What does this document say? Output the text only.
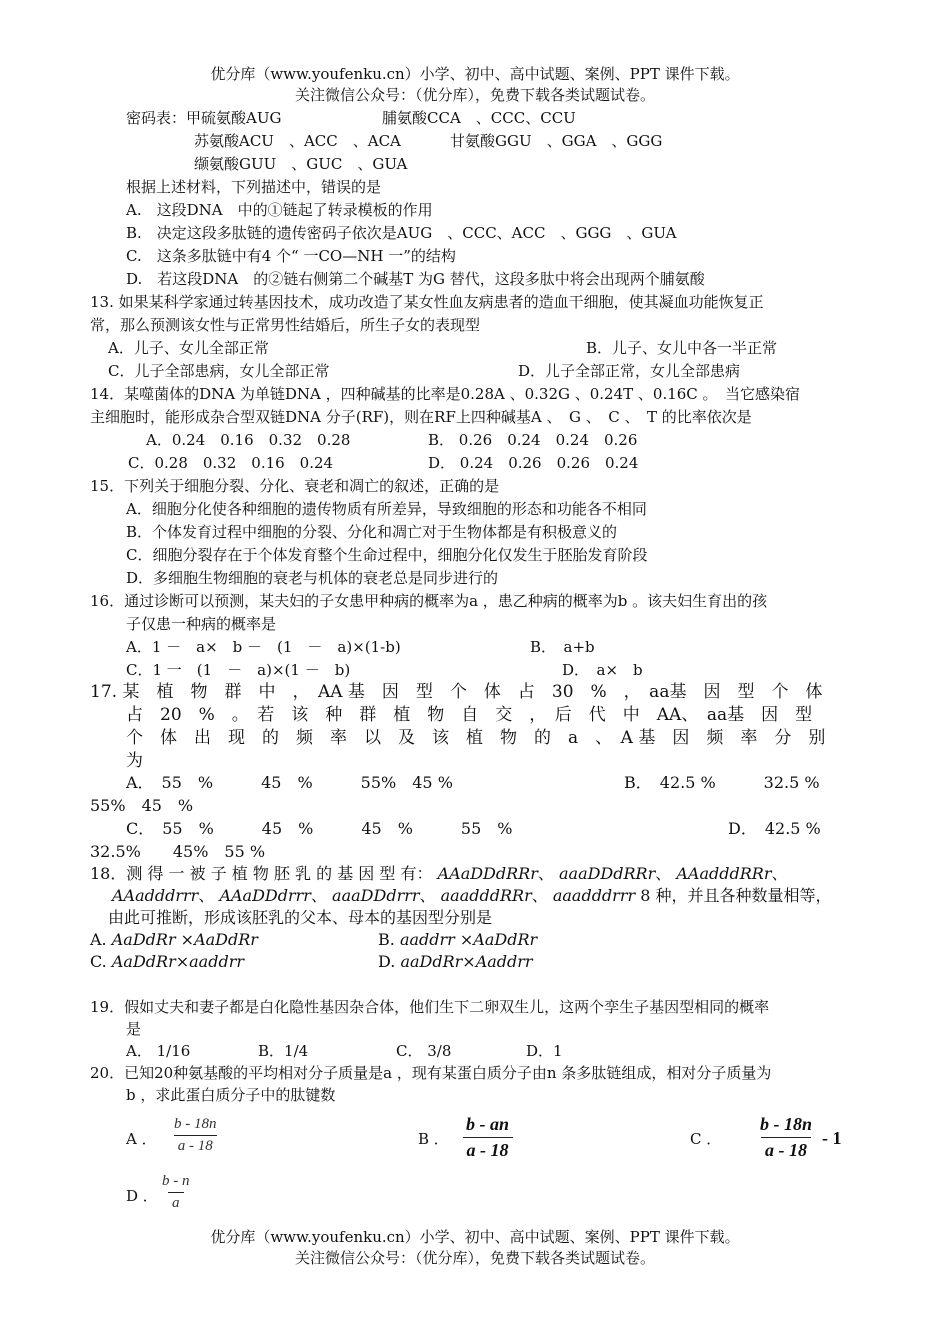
优分库（www.youfenku.cn）小学、初中、高中试题、案例、PPT 课件下载。
关注微信公众号：（优分库），免费下载各类试题试卷。
密码表：甲硫氨酸AUG	脯氨酸CCA　、CCC、CCU
苏氨酸ACU　、ACC　、ACA	甘氨酸GGU　、GGA　、GGG
缬氨酸GUU　、GUC　、GUA
根据上述材料，下列描述中，错误的是
A.　这段DNA　中的①链起了转录模板的作用
B.　决定这段多肽链的遗传密码子依次是AUG　、CCC、ACC　、GGG　、GUA
C.　这条多肽链中有4 个“ 一CO—NH 一”的结构
D.　若这段DNA　的②链右侧第二个碱基T 为G 替代，这段多肽中将会出现两个脯氨酸
13. 如果某科学家通过转基因技术，成功改造了某女性血友病患者的造血干细胞，使其凝血功能恢复正
常，那么预测该女性与正常男性结婚后，所生子女的表现型
A．儿子、女儿全部正常	B．儿子、女儿中各一半正常
C．儿子全部患病，女儿全部正常	D．儿子全部正常，女儿全部患病
14．某噬菌体的DNA 为单链DNA ，四种碱基的比率是0.28A 、0.32G 、0.24T 、0.16C 。　当它感染宿
主细胞时，能形成杂合型双链DNA 分子(RF)，则在RF上四种碱基A 、　G 、　C 、　T 的比率依次是
A．0.24　0.16　0.32　0.28	B． 0.26　0.24　0.24　0.26
C．0.28　0.32　0.16　0.24	D． 0.24　0.26　0.26　0.24
15．下列关于细胞分裂、分化、衰老和凋亡的叙述，正确的是
A．细胞分化使各种细胞的遗传物质有所差异，导致细胞的形态和功能各不相同
B．个体发育过程中细胞的分裂、分化和凋亡对于生物体都是有积极意义的
C．细胞分裂存在于个体发育整个生命过程中，细胞分化仅发生于胚胎发育阶段
D．多细胞生物细胞的衰老与机体的衰老总是同步进行的
16．通过诊断可以预测，某夫妇的子女患甲种病的概率为a ，患乙种病的概率为b 。该夫妇生育出的孩
子仅患一种病的概率是
A．1 －　a×　b －　(1　－　a)×(1-b)	B．　a+b
C．1 一　(1　－　a)×(1 －　b)	D．　a×　b
17. 某　植　物　群　中　，　AA 基　因　型　个　体　占　30　%　，　aa基　因　型　个　体
占　20　%　。　若　该　种　群　植　物　自　交　，　后　代　中　AA、　aa基　因　型
个　体　出　现　的　频　率　以　及　该　植　物　的　a　、　A 基　因　频　率　分　别
为
A．　55　%　　　45　%　　　55%　45 %	B．　42.5 %　　　32.5 %
55%　45　%
C．　55　%　　　45　%　　　45　%　　　55　%	D．　42.5 %
32.5%　　45%　55 %
18．测 得 一 被 子 植 物 胚 乳 的 基 因 型 有： AAaDDdRRr、 aaaDDdRRr、 AAadddRRr、
AAadddrrr、 AAaDDdrrr、 aaaDDdrrr、 aaadddRRr、 aaadddrrr 8 种，并且各种数量相等，
由此可推断，形成该胚乳的父本、母本的基因型分别是
A. AaDdRr ×AaDdRr	B. aaddrr ×AaDdRr
C. AaDdRr×aaddrr	D. aaDdRr×Aaddrr
19．假如丈夫和妻子都是白化隐性基因杂合体，他们生下二卵双生儿，这两个孪生子基因型相同的概率
是
A． 1/16	B．1/4	C． 3/8	D．1
20．已知20种氨基酸的平均相对分子质量是a ，现有某蛋白质分子由n 条多肽链组成，相对分子质量为
b ，求此蛋白质分子中的肽键数
A ． $\frac{b - 18n}{a - 18}$	B ． $\frac{b - an}{a - 18}$	C ． $\frac{b - 18n}{a - 18} - 1$
D ． $\frac{b - n}{a}$
优分库（www.youfenku.cn）小学、初中、高中试题、案例、PPT 课件下载。
关注微信公众号：（优分库），免费下载各类试题试卷。
